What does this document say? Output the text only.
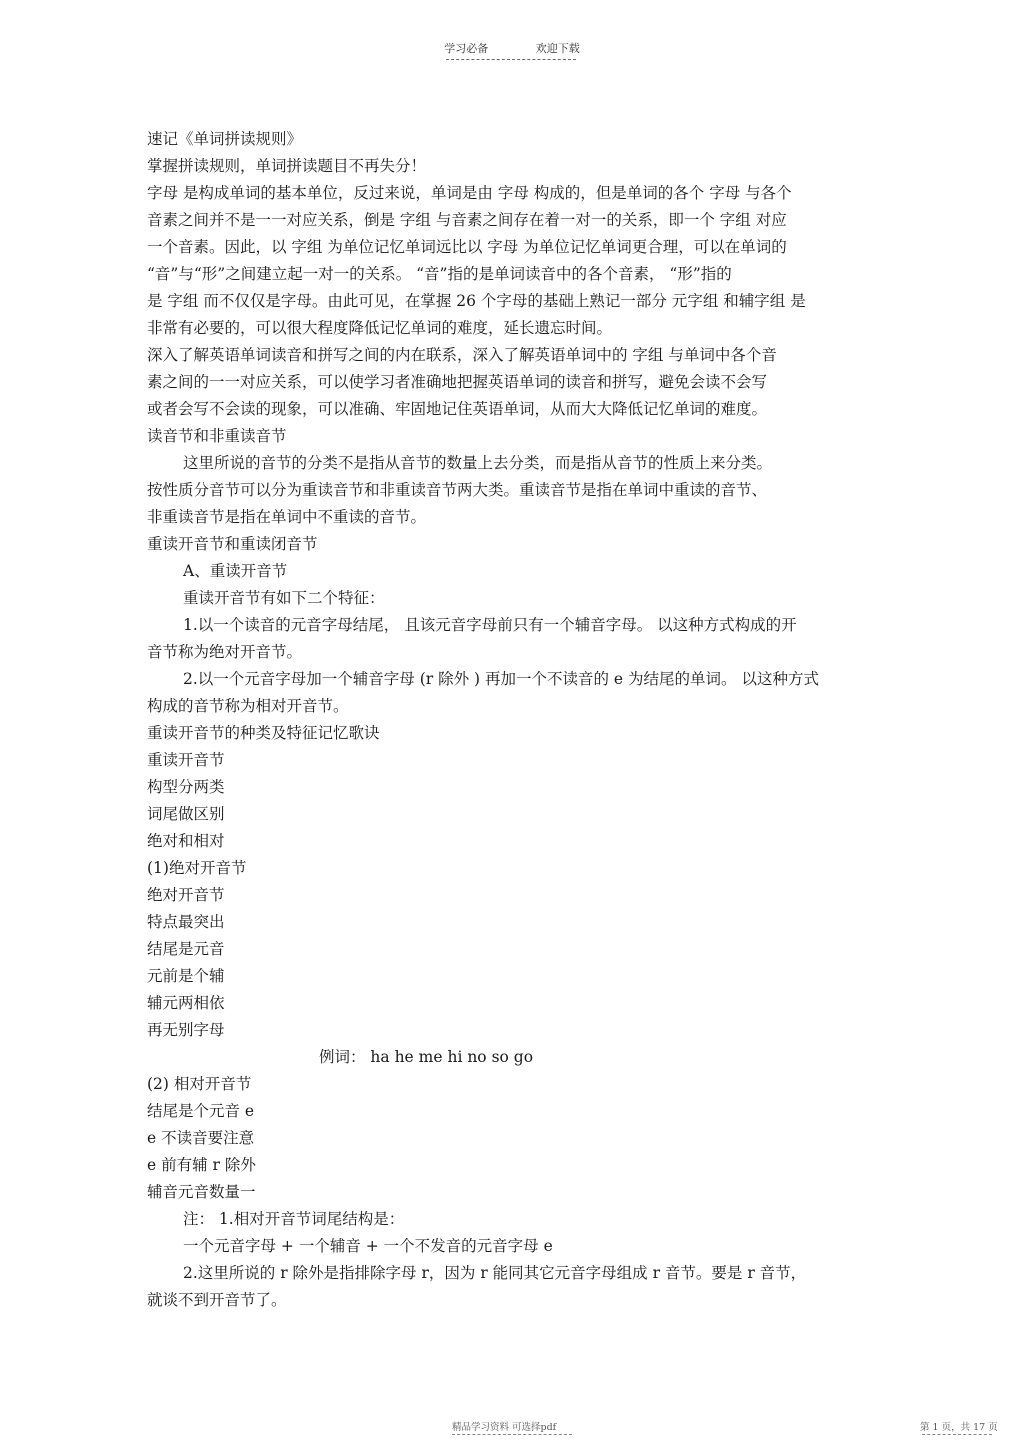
学习必备	欢迎下载

速记《单词拼读规则》

掌握拼读规则，单词拼读题目不再失分！

字母 是构成单词的基本单位，反过来说，单词是由 字母 构成的，但是单词的各个 字母 与各个

音素之间并不是一一对应关系，倒是 字组 与音素之间存在着一对一的关系，即一个 字组 对应

一个音素。因此，以 字组 为单位记忆单词远比以 字母 为单位记忆单词更合理，可以在单词的

“音”与“形”之间建立起一对一的关系。 “音”指的是单词读音中的各个音素， “形”指的

是 字组 而不仅仅是字母。由此可见，在掌握 26 个字母的基础上熟记一部分 元字组 和辅字组 是

非常有必要的，可以很大程度降低记忆单词的难度，延长遗忘时间。

深入了解英语单词读音和拼写之间的内在联系，深入了解英语单词中的 字组 与单词中各个音

素之间的一一对应关系，可以使学习者准确地把握英语单词的读音和拼写，避免会读不会写

或者会写不会读的现象，可以准确、牢固地记住英语单词，从而大大降低记忆单词的难度。

读音节和非重读音节

这里所说的音节的分类不是指从音节的数量上去分类，而是指从音节的性质上来分类。

按性质分音节可以分为重读音节和非重读音节两大类。重读音节是指在单词中重读的音节、

非重读音节是指在单词中不重读的音节。

重读开音节和重读闭音节

A、重读开音节

重读开音节有如下二个特征：

1.以一个读音的元音字母结尾， 且该元音字母前只有一个辅音字母。 以这种方式构成的开

音节称为绝对开音节。

2.以一个元音字母加一个辅音字母 (r 除外 ) 再加一个不读音的 e 为结尾的单词。 以这种方式

构成的音节称为相对开音节。

重读开音节的种类及特征记忆歌诀

重读开音节

构型分两类

词尾做区别

绝对和相对

(1)绝对开音节

绝对开音节

特点最突出

结尾是元音

元前是个辅

辅元两相依

再无别字母

例词： ha he me hi no so go

(2) 相对开音节

结尾是个元音 e

e 不读音要注意

e 前有辅 r 除外

辅音元音数量一

注： 1.相对开音节词尾结构是：

一个元音字母 + 一个辅音 + 一个不发音的元音字母 e

2.这里所说的 r 除外是指排除字母 r，因为 r 能同其它元音字母组成 r 音节。要是 r 音节，

就谈不到开音节了。

精品学习资料 可选择pdf	第 1 页，共 17 页
